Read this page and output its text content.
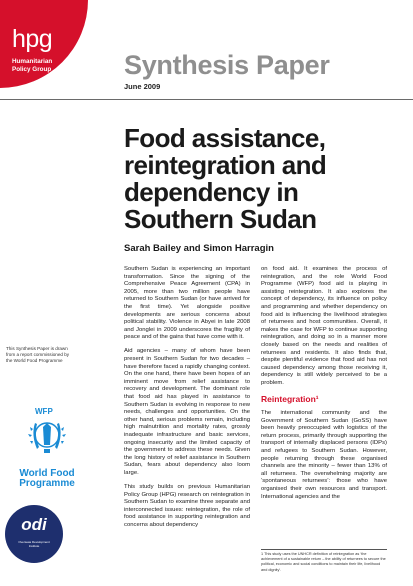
hpg
Humanitarian
Policy Group	Synthesis Paper
June 2009
Food assistance,
reintegration and
dependency in
Southern Sudan
Sarah Bailey and Simon Harragin

Southern Sudan is experiencing an important transformation. Since the signing of the Comprehensive Peace Agreement (CPA) in 2005, more than two million people have returned to Southern Sudan (or have arrived for the first time). Yet alongside positive developments are serious concerns about political stability. Violence in Abyei in late 2008 and Jonglei in 2009 underscores the fragility of peace and of the gains that have come with it.

Aid agencies – many of whom have been present in Southern Sudan for two decades – have therefore faced a rapidly changing context. On the one hand, there have been hopes of an imminent move from relief assistance to recovery and development. The dominant role that food aid has played in assistance to Southern Sudan is evolving in response to new needs, challenges and opportunities. On the other hand, serious problems remain, including high malnutrition and mortality rates, grossly inadequate infrastructure and basic services, ongoing insecurity and the limited capacity of the government to address these needs. Given the long history of relief assistance in Southern Sudan, fears about dependency also loom large.

This study builds on previous Humanitarian Policy Group (HPG) research on reintegration in Southern Sudan to examine three separate and interconnected issues: reintegration, the role of food assistance in supporting reintegration and concerns about dependency

on food aid. It examines the process of reintegration, and the role World Food Programme (WFP) food aid is playing in assisting reintegration. It also explores the concept of dependency, its influence on policy and programming and whether dependency on food aid is influencing the livelihood strategies of returnees and host communities. Overall, it makes the case for WFP to continue supporting reintegration, and doing so in a manner more closely based on the needs and realities of returnees and residents. It also finds that, despite plentiful evidence that food aid has not caused dependency among those receiving it, dependency is still widely perceived to be a problem.

Reintegration¹

The international community and the Government of Southern Sudan (GoSS) have been heavily preoccupied with logistics of the return process, primarily through supporting the transport of internally displaced persons (IDPs) and refugees to Southern Sudan. However, people returning through these organised channels are the minority – fewer than 13% of all returnees. The overwhelming majority are ‘spontaneous returnees’: those who have organised their own resources and transport. International agencies and the

1 This study uses the UNHCR definition of reintegration as ‘the achievement of a sustainable return – the ability of returnees to secure the political, economic and social conditions to maintain their life, livelihood and dignity’.
This Synthesis Paper is drawn from a report commissioned by the World Food Programme
WFP
World Food
Programme
odi
Overseas Development Institute
